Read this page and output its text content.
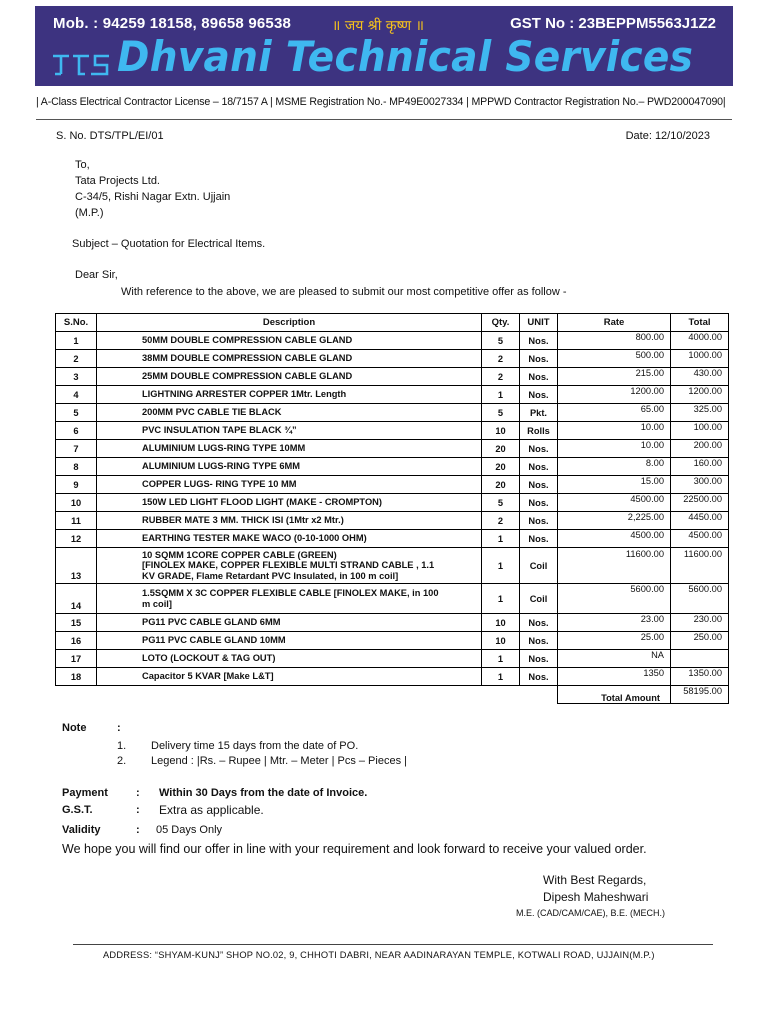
Mob. : 94259 18158, 89658 96538	॥ जय श्री कृष्ण ॥	GST No : 23BEPPM5563J1Z2
Dhvani Technical Services
| A-Class Electrical Contractor License – 18/7157 A | MSME Registration No.- MP49E0027334 | MPPWD Contractor Registration No.– PWD200047090|
S. No. DTS/TPL/EI/01	Date: 12/10/2023
To,
Tata Projects Ltd.
C-34/5, Rishi Nagar Extn. Ujjain
(M.P.)
Subject – Quotation for Electrical Items.
Dear Sir,
With reference to the above, we are pleased to submit our most competitive offer as follow -
S.No.	Description	Qty.	UNIT	Rate	Total
1	50MM DOUBLE COMPRESSION CABLE GLAND	5	Nos.	800.00	4000.00
2	38MM DOUBLE COMPRESSION CABLE GLAND	2	Nos.	500.00	1000.00
3	25MM DOUBLE COMPRESSION CABLE GLAND	2	Nos.	215.00	430.00
4	LIGHTNING ARRESTER COPPER 1Mtr. Length	1	Nos.	1200.00	1200.00
5	200MM PVC CABLE TIE BLACK	5	Pkt.	65.00	325.00
6	PVC INSULATION TAPE BLACK ¾”	10	Rolls	10.00	100.00
7	ALUMINIUM LUGS-RING TYPE 10MM	20	Nos.	10.00	200.00
8	ALUMINIUM LUGS-RING TYPE 6MM	20	Nos.	8.00	160.00
9	COPPER LUGS- RING TYPE 10 MM	20	Nos.	15.00	300.00
10	150W LED LIGHT FLOOD LIGHT (MAKE - CROMPTON)	5	Nos.	4500.00	22500.00
11	RUBBER MATE 3 MM. THICK ISI (1Mtr x2 Mtr.)	2	Nos.	2,225.00	4450.00
12	EARTHING TESTER MAKE WACO (0-10-1000 OHM)	1	Nos.	4500.00	4500.00
13	10 SQMM 1CORE COPPER CABLE (GREEN)
[FINOLEX MAKE, COPPER FLEXIBLE MULTI STRAND CABLE , 1.1
KV GRADE, Flame Retardant PVC Insulated, in 100 m coil]	1	Coil	11600.00	11600.00
14	1.5SQMM X 3C COPPER FLEXIBLE CABLE [FINOLEX MAKE, in 100
m coil]	1	Coil	5600.00	5600.00
15	PG11 PVC CABLE GLAND 6MM	10	Nos.	23.00	230.00
16	PG11 PVC CABLE GLAND 10MM	10	Nos.	25.00	250.00
17	LOTO (LOCKOUT & TAG OUT)	1	Nos.	NA	
18	Capacitor 5 KVAR [Make L&T]	1	Nos.	1350	1350.00
				Total Amount	58195.00
Note	:
1. Delivery time 15 days from the date of PO.
2. Legend : |Rs. – Rupee | Mtr. – Meter | Pcs – Pieces |
Payment	: Within 30 Days from the date of Invoice.
G.S.T.	: Extra as applicable.
Validity	: 05 Days Only
We hope you will find our offer in line with your requirement and look forward to receive your valued order.
With Best Regards,
Dipesh Maheshwari
M.E. (CAD/CAM/CAE), B.E. (MECH.)
ADDRESS: “SHYAM-KUNJ” SHOP NO.02, 9, CHHOTI DABRI, NEAR AADINARAYAN TEMPLE, KOTWALI ROAD, UJJAIN(M.P.)
